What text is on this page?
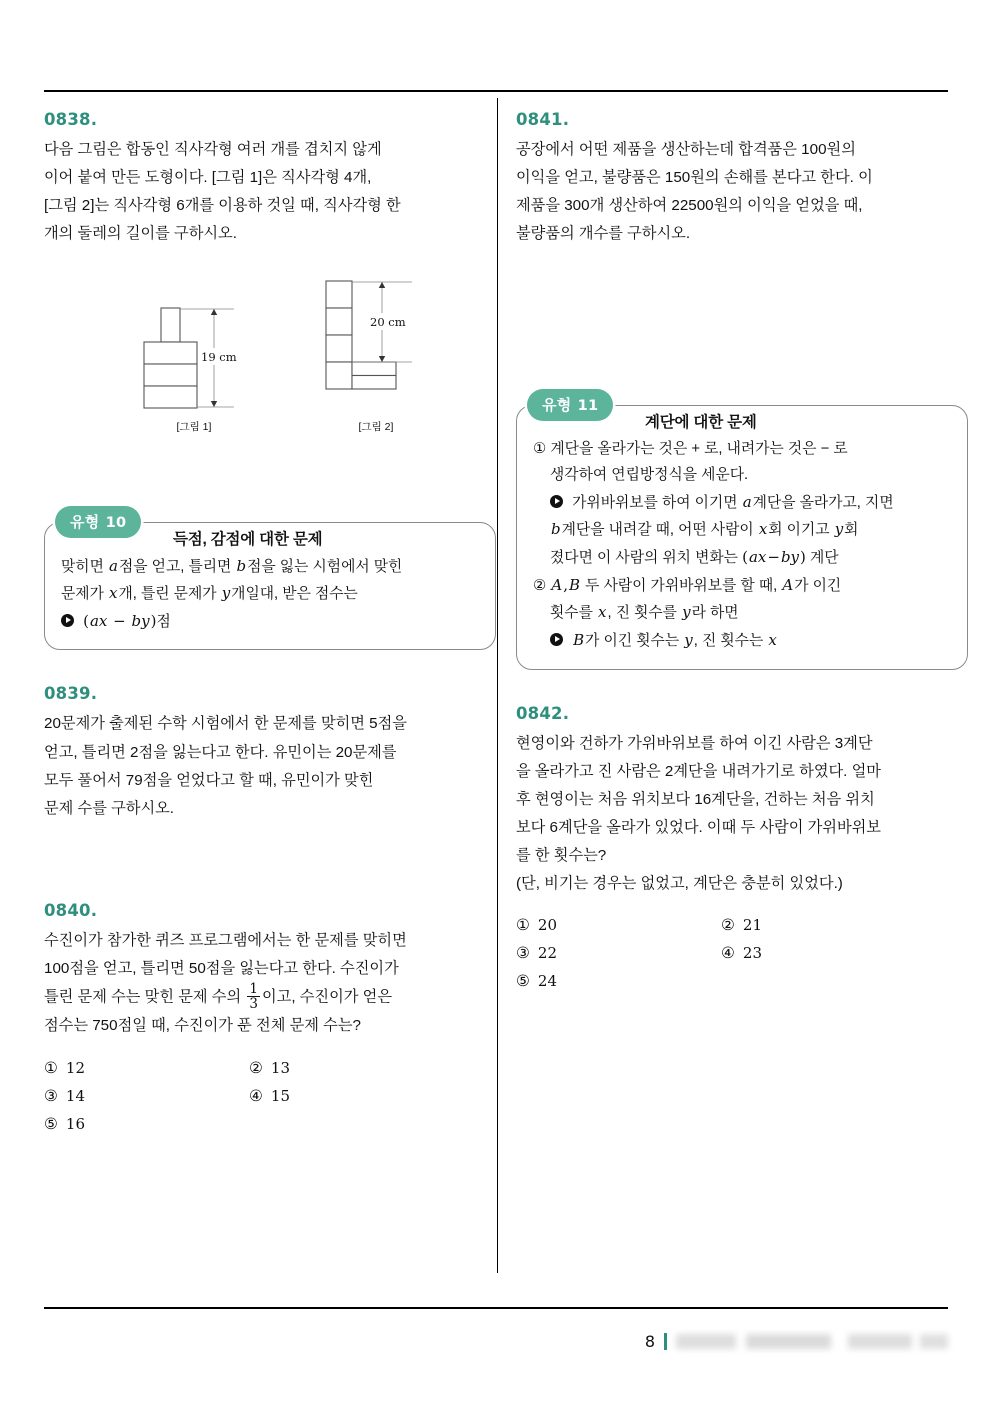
0838.
다음 그림은 합동인 직사각형 여러 개를 겹치지 않게
이어 붙여 만든 도형이다. [그림 1]은 직사각형 4개,
[그림 2]는 직사각형 6개를 이용하 것일 때, 직사각형 한
개의 둘레의 길이를 구하시오.
19 cm
[그림 1]
20 cm
[그림 2]
유형 10
득점, 감점에 대한 문제
맞히면 a점을 얻고, 틀리면 b점을 잃는 시험에서 맞힌
문제가 x개, 틀린 문제가 y개일대, 받은 점수는
(ax − by)점
0839.
20문제가 출제된 수학 시험에서 한 문제를 맞히면 5점을
얻고, 틀리면 2점을 잃는다고 한다. 유민이는 20문제를
모두 풀어서 79점을 얻었다고 할 때, 유민이가 맞힌
문제 수를 구하시오.
0840.
수진이가 참가한 퀴즈 프로그램에서는 한 문제를 맞히면
100점을 얻고, 틀리면 50점을 잃는다고 한다. 수진이가
틀린 문제 수는 맞힌 문제 수의 $\frac{1}{3}$ 이고, 수진이가 얻은
점수는 750점일 때, 수진이가 푼 전체 문제 수는?
① 12	② 13
③ 14	④ 15
⑤ 16
0841.
공장에서 어떤 제품을 생산하는데 합격품은 100원의
이익을 얻고, 불량품은 150원의 손해를 본다고 한다. 이
제품을 300개 생산하여 22500원의 이익을 얻었을 때,
불량품의 개수를 구하시오.
유형 11
계단에 대한 문제
① 계단을 올라가는 것은 + 로, 내려가는 것은 − 로
생각하여 연립방정식을 세운다.
가위바위보를 하여 이기면 a계단을 올라가고, 지면
b계단을 내려갈 때, 어떤 사람이 x회 이기고 y회
졌다면 이 사람의 위치 변화는 (ax−by) 계단
② A,B 두 사람이 가위바위보를 할 때, A가 이긴
횟수를 x, 진 횟수를 y라 하면
B가 이긴 횟수는 y, 진 횟수는 x
0842.
현영이와 건하가 가위바위보를 하여 이긴 사람은 3계단
을 올라가고 진 사람은 2계단을 내려가기로 하였다. 얼마
후 현영이는 처음 위치보다 16계단을, 건하는 처음 위치
보다 6계단을 올라가 있었다. 이때 두 사람이 가위바위보
를 한 횟수는?
(단, 비기는 경우는 없었고, 계단은 충분히 있었다.)
① 20	② 21
③ 22	④ 23
⑤ 24
8
